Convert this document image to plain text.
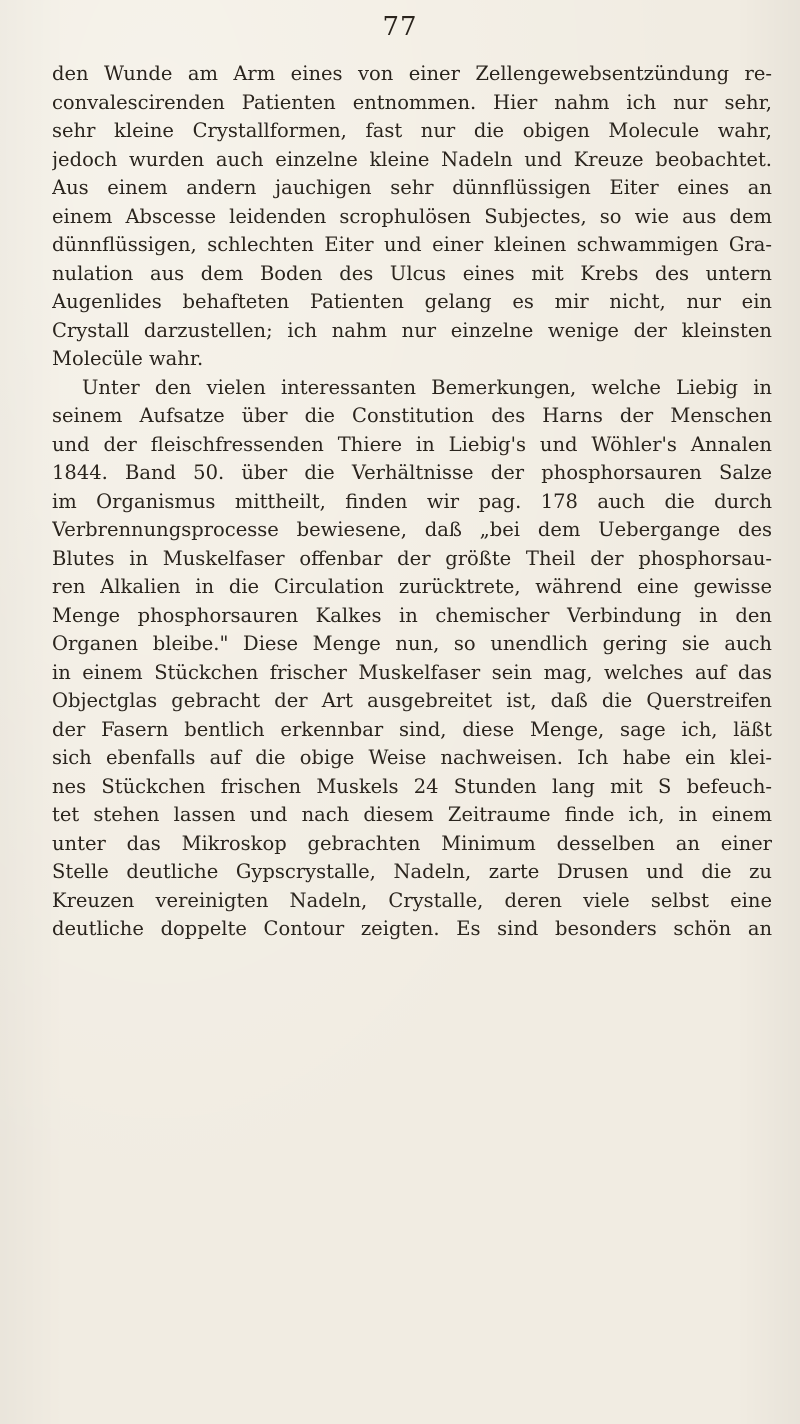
77
den Wunde am Arm eines von einer Zellengewebsentzündung re-
convalescirenden Patienten entnommen. Hier nahm ich nur sehr,
sehr kleine Crystallformen, fast nur die obigen Molecule wahr,
jedoch wurden auch einzelne kleine Nadeln und Kreuze beobachtet.
Aus einem andern jauchigen sehr dünnflüssigen Eiter eines an
einem Abscesse leidenden scrophulösen Subjectes, so wie aus dem
dünnflüssigen, schlechten Eiter und einer kleinen schwammigen Gra-
nulation aus dem Boden des Ulcus eines mit Krebs des untern
Augenlides behafteten Patienten gelang es mir nicht, nur ein
Crystall darzustellen; ich nahm nur einzelne wenige der kleinsten
Molecüle wahr.
Unter den vielen interessanten Bemerkungen, welche Liebig in
seinem Aufsatze über die Constitution des Harns der Menschen
und der fleischfressenden Thiere in Liebig's und Wöhler's Annalen
1844. Band 50. über die Verhältnisse der phosphorsauren Salze
im Organismus mittheilt, finden wir pag. 178 auch die durch
Verbrennungsprocesse bewiesene, daß „bei dem Uebergange des
Blutes in Muskelfaser offenbar der größte Theil der phosphorsau-
ren Alkalien in die Circulation zurücktrete, während eine gewisse
Menge phosphorsauren Kalkes in chemischer Verbindung in den
Organen bleibe." Diese Menge nun, so unendlich gering sie auch
in einem Stückchen frischer Muskelfaser sein mag, welches auf das
Objectglas gebracht der Art ausgebreitet ist, daß die Querstreifen
der Fasern bentlich erkennbar sind, diese Menge, sage ich, läßt
sich ebenfalls auf die obige Weise nachweisen. Ich habe ein klei-
nes Stückchen frischen Muskels 24 Stunden lang mit S befeuch-
tet stehen lassen und nach diesem Zeitraume finde ich, in einem
unter das Mikroskop gebrachten Minimum desselben an einer
Stelle deutliche Gypscrystalle, Nadeln, zarte Drusen und die zu
Kreuzen vereinigten Nadeln, Crystalle, deren viele selbst eine
deutliche doppelte Contour zeigten. Es sind besonders schön an
